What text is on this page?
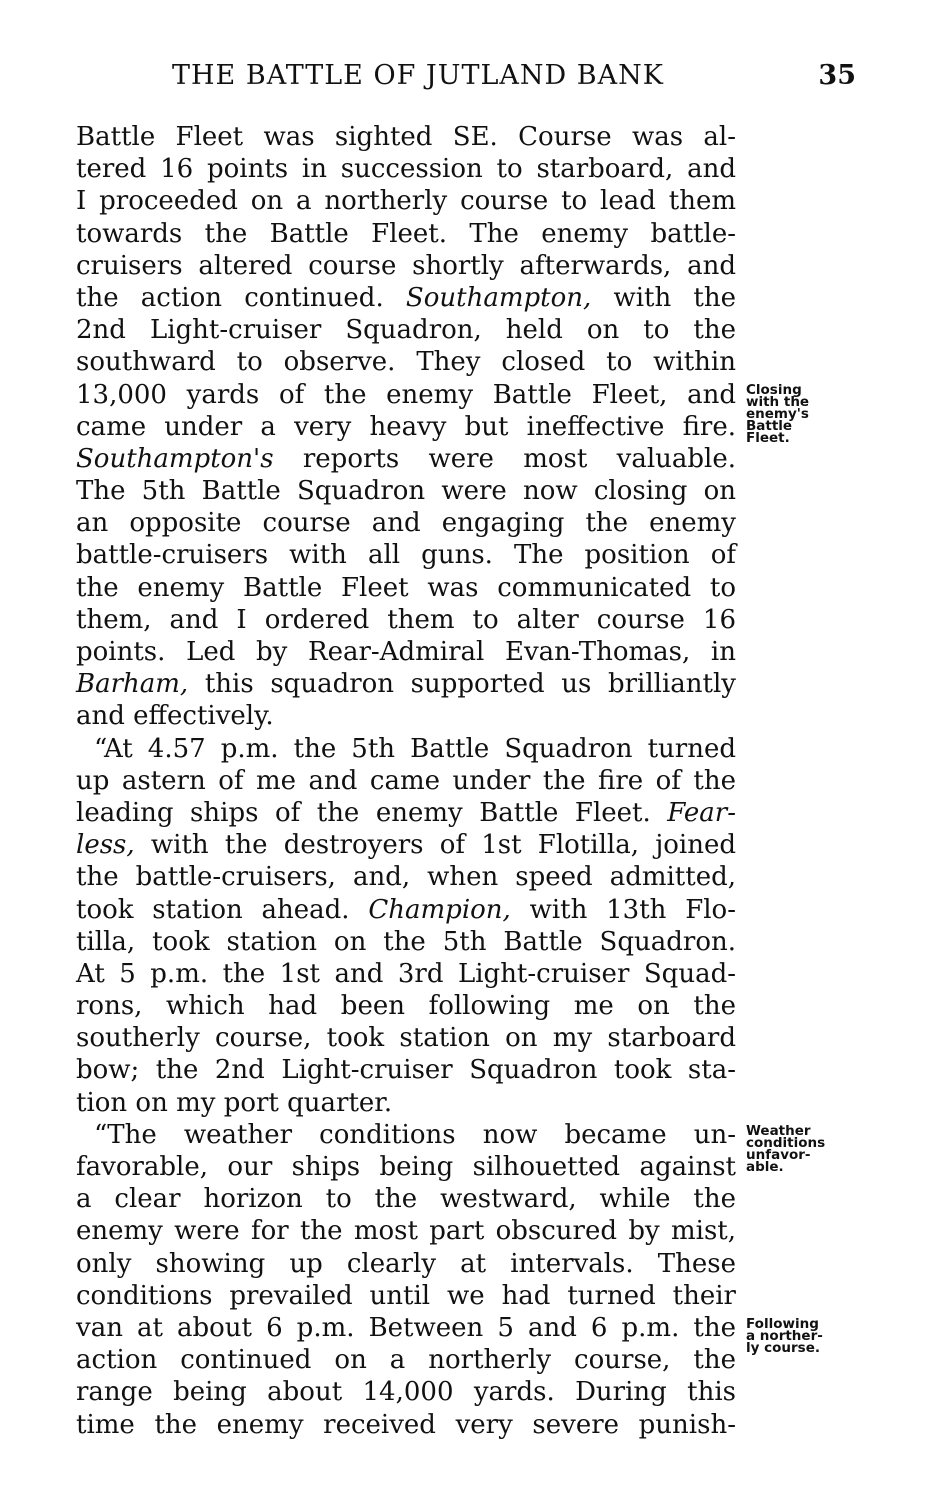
THE BATTLE OF JUTLAND BANK	35
Battle Fleet was sighted SE. Course was al-
tered 16 points in succession to starboard, and
I proceeded on a northerly course to lead them
towards the Battle Fleet. The enemy battle-
cruisers altered course shortly afterwards, and
the action continued. Southampton, with the
2nd Light-cruiser Squadron, held on to the
southward to observe. They closed to within
13,000 yards of the enemy Battle Fleet, and
came under a very heavy but ineffective fire.
Southampton's reports were most valuable.
The 5th Battle Squadron were now closing on
an opposite course and engaging the enemy
battle-cruisers with all guns. The position of
the enemy Battle Fleet was communicated to
them, and I ordered them to alter course 16
points. Led by Rear-Admiral Evan-Thomas, in
Barham, this squadron supported us brilliantly
and effectively.
“At 4.57 p.m. the 5th Battle Squadron turned
up astern of me and came under the fire of the
leading ships of the enemy Battle Fleet. Fear-
less, with the destroyers of 1st Flotilla, joined
the battle-cruisers, and, when speed admitted,
took station ahead. Champion, with 13th Flo-
tilla, took station on the 5th Battle Squadron.
At 5 p.m. the 1st and 3rd Light-cruiser Squad-
rons, which had been following me on the
southerly course, took station on my starboard
bow; the 2nd Light-cruiser Squadron took sta-
tion on my port quarter.
“The weather conditions now became un-
favorable, our ships being silhouetted against
a clear horizon to the westward, while the
enemy were for the most part obscured by mist,
only showing up clearly at intervals. These
conditions prevailed until we had turned their
van at about 6 p.m. Between 5 and 6 p.m. the
action continued on a northerly course, the
range being about 14,000 yards. During this
time the enemy received very severe punish-
Closing
with the
enemy's
Battle
Fleet.
Weather
conditions
unfavor-
able.
Following
a norther-
ly course.
